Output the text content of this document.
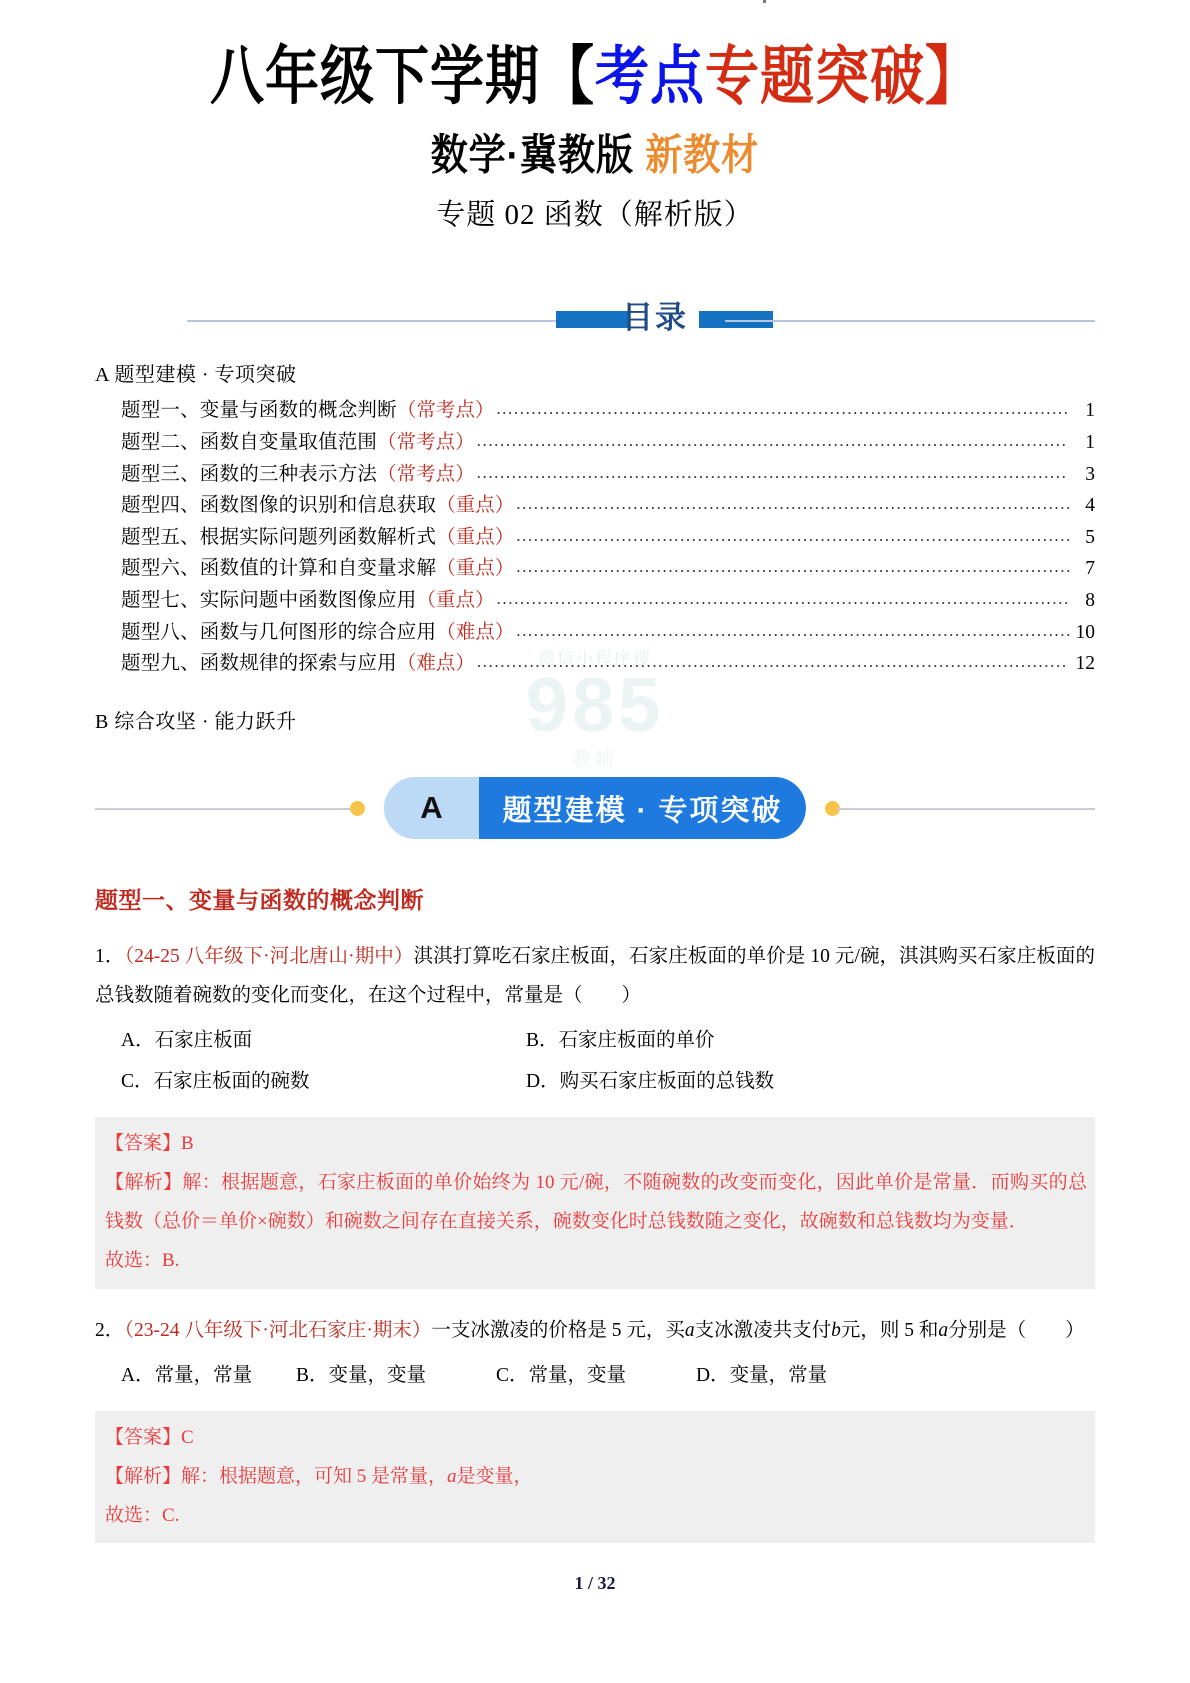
微信小程序搜
985
教辅
八年级下学期【考点专题突破】
数学·冀教版 新教材
专题 02 函数（解析版）
目录
A 题型建模 · 专项突破
题型一、变量与函数的概念判断 （常考点） .....	1
题型二、函数自变量取值范围 （常考点） .....	1
题型三、函数的三种表示方法 （常考点） .....	3
题型四、函数图像的识别和信息获取 （重点） .....	4
题型五、根据实际问题列函数解析式 （重点） .....	5
题型六、函数值的计算和自变量求解 （重点） .....	7
题型七、实际问题中函数图像应用 （重点） .....	8
题型八、函数与几何图形的综合应用 （难点） .....	10
题型九、函数规律的探索与应用 （难点） .....	12
B 综合攻坚 · 能力跃升
A	题型建模 · 专项突破
题型一、变量与函数的概念判断
1．（24-25 八年级下·河北唐山·期中）淇淇打算吃石家庄板面，石家庄板面的单价是 10 元/碗，淇淇购买石家庄板面的总钱数随着碗数的变化而变化，在这个过程中，常量是（　　）
A．石家庄板面	B．石家庄板面的单价
C．石家庄板面的碗数	D．购买石家庄板面的总钱数
【答案】B
【解析】解：根据题意，石家庄板面的单价始终为 10 元/碗，不随碗数的改变而变化，因此单价是常量．而购买的总钱数（总价＝单价×碗数）和碗数之间存在直接关系，碗数变化时总钱数随之变化，故碗数和总钱数均为变量．
故选：B.
2．（23-24 八年级下·河北石家庄·期末）一支冰激凌的价格是 5 元，买a支冰激凌共支付b元，则 5 和a分别是（　　）
A．常量，常量 B．变量，变量	C．常量，变量	D．变量，常量
【答案】C
【解析】解：根据题意，可知 5 是常量，a是变量，
故选：C.
1 / 32
